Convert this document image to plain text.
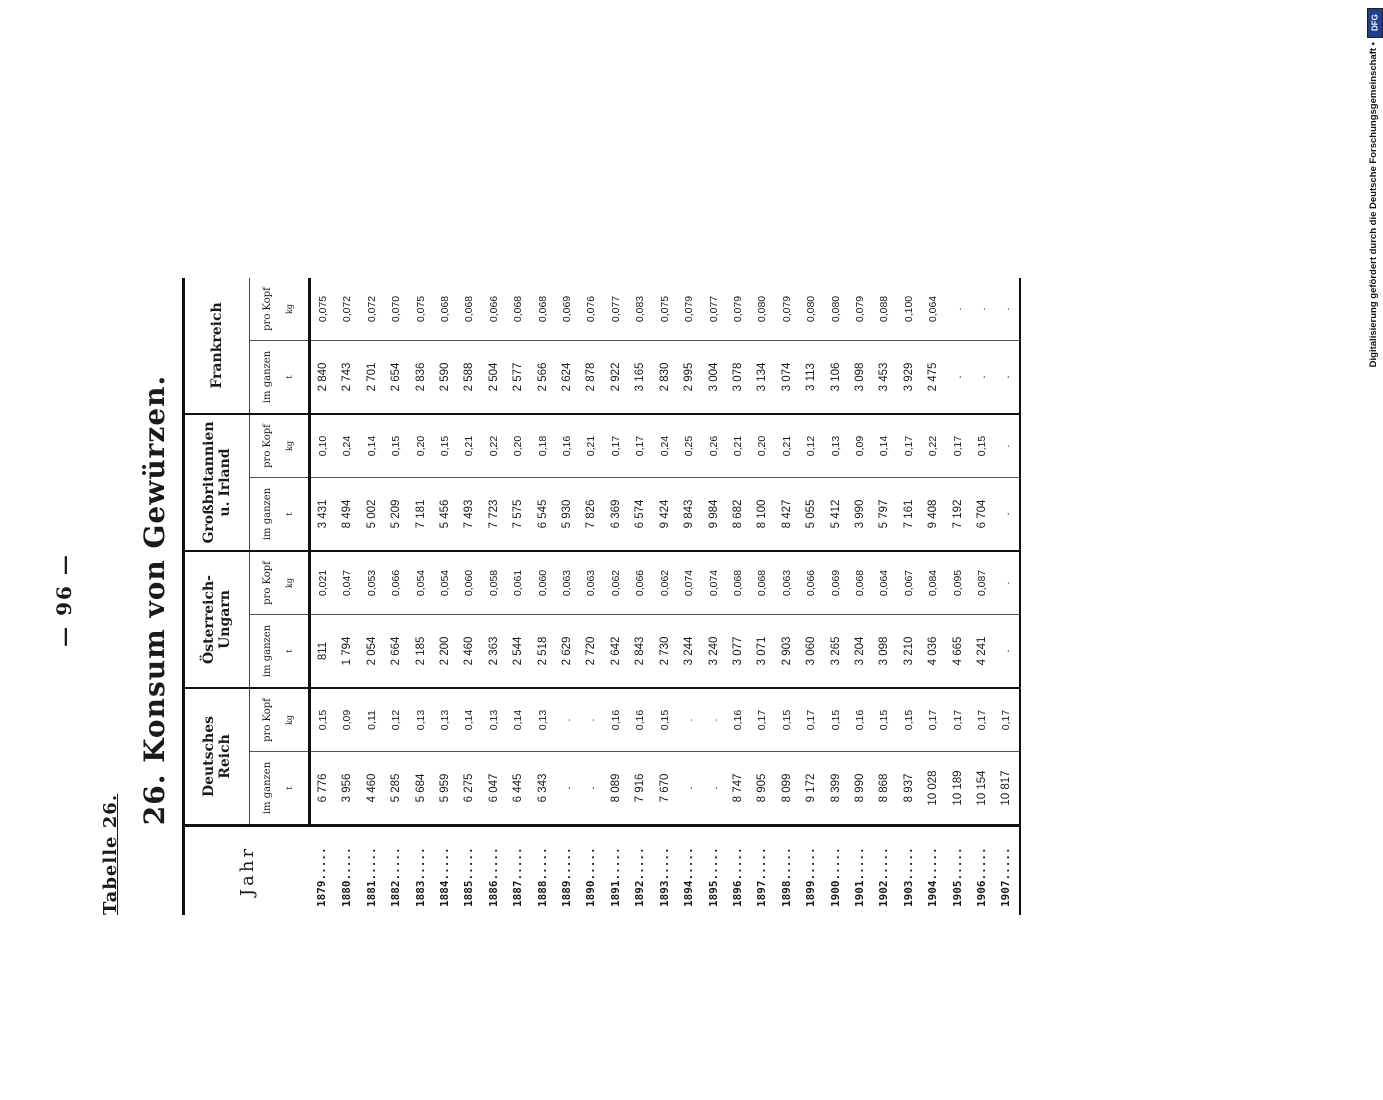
DFG
Digitalisierung gefördert durch die Deutsche Forschungsgemeinschaft •
— 96 —
Tabelle 26.
26. Konsum von Gewürzen.
Jahr	Deutsches Reich		Österreich-Ungarn		Großbritannien u. Irland		Frankreich	
	im ganzen t	pro Kopf kg	im ganzen t	pro Kopf kg	im ganzen t	pro Kopf kg	im ganzen t	pro Kopf kg

1879.....	6 776	0,15	811	0,021	3 431	0,10	2 840	0,075
1880.....	3 956	0,09	1 794	0,047	8 494	0,24	2 743	0,072
1881.....	4 460	0,11	2 054	0,053	5 002	0,14	2 701	0,072
1882.....	5 285	0,12	2 664	0,066	5 209	0,15	2 654	0,070
1883.....	5 684	0,13	2 185	0,054	7 181	0,20	2 836	0,075
1884.....	5 959	0,13	2 200	0,054	5 456	0,15	2 590	0,068
1885.....	6 275	0,14	2 460	0,060	7 493	0,21	2 588	0,068
1886.....	6 047	0,13	2 363	0,058	7 723	0,22	2 504	0,066
1887.....	6 445	0,14	2 544	0,061	7 575	0,20	2 577	0,068
1888.....	6 343	0,13	2 518	0,060	6 545	0,18	2 566	0,068
1889.....	.	.	2 629	0,063	5 930	0,16	2 624	0,069
1890.....	.	.	2 720	0,063	7 826	0,21	2 878	0,076
1891.....	8 089	0,16	2 642	0,062	6 369	0,17	2 922	0,077
1892.....	7 916	0,16	2 843	0,066	6 574	0,17	3 165	0,083
1893.....	7 670	0,15	2 730	0,062	9 424	0,24	2 830	0,075
1894.....	.	.	3 244	0,074	9 843	0,25	2 995	0,079
1895.....	.	.	3 240	0,074	9 984	0,26	3 004	0,077
1896.....	8 747	0,16	3 077	0,068	8 682	0,21	3 078	0,079
1897.....	8 905	0,17	3 071	0,068	8 100	0,20	3 134	0,080
1898.....	8 099	0,15	2 903	0,063	8 427	0,21	3 074	0,079
1899.....	9 172	0,17	3 060	0,066	5 055	0,12	3 113	0,080
1900.....	8 399	0,15	3 265	0,069	5 412	0,13	3 106	0,080
1901.....	8 990	0,16	3 204	0,068	3 990	0,09	3 098	0,079
1902.....	8 868	0,15	3 098	0,064	5 797	0,14	3 453	0,088
1903.....	8 937	0,15	3 210	0,067	7 161	0,17	3 929	0,100
1904.....	10 028	0,17	4 036	0,084	9 408	0,22	2 475	0,064
1905.....	10 189	0,17	4 665	0,095	7 192	0,17	.	.
1906.....	10 154	0,17	4 241	0,087	6 704	0,15	.	.
1907.....	10 817	0,17	.	.	.	.	.	.
